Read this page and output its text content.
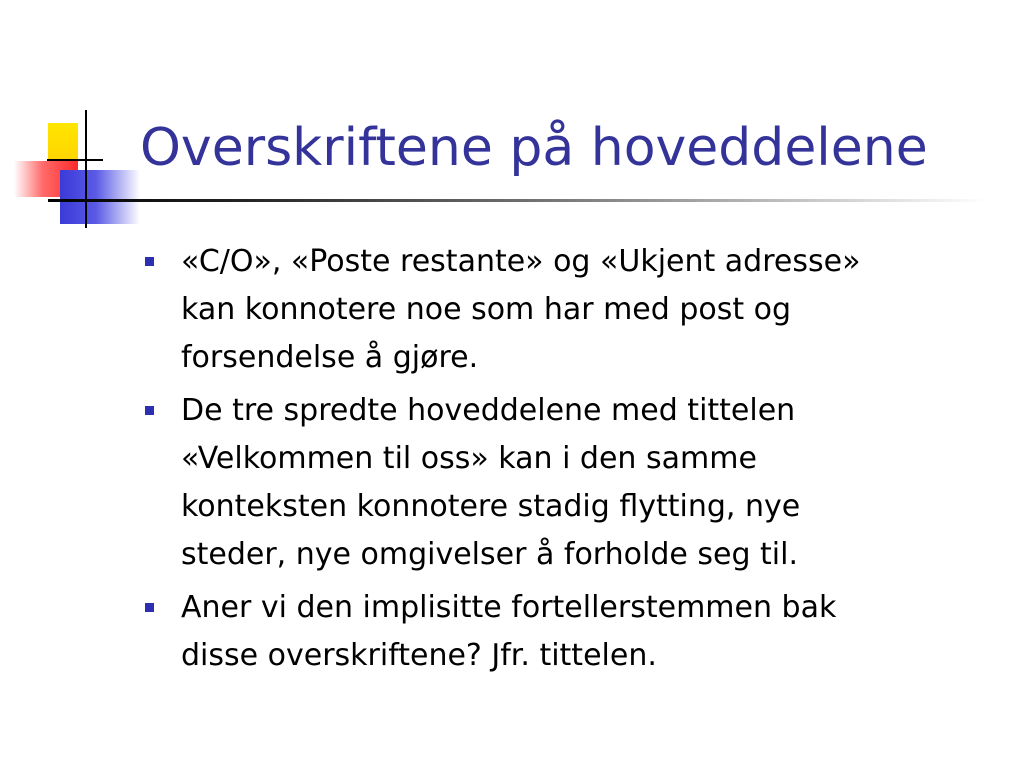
Overskriftene på hoveddelene
«C/O», «Poste restante» og «Ukjent adresse»
kan konnotere noe som har med post og
forsendelse å gjøre.
De tre spredte hoveddelene med tittelen
«Velkommen til oss» kan i den samme
konteksten konnotere stadig flytting, nye
steder, nye omgivelser å forholde seg til.
Aner vi den implisitte fortellerstemmen bak
disse overskriftene? Jfr. tittelen.
